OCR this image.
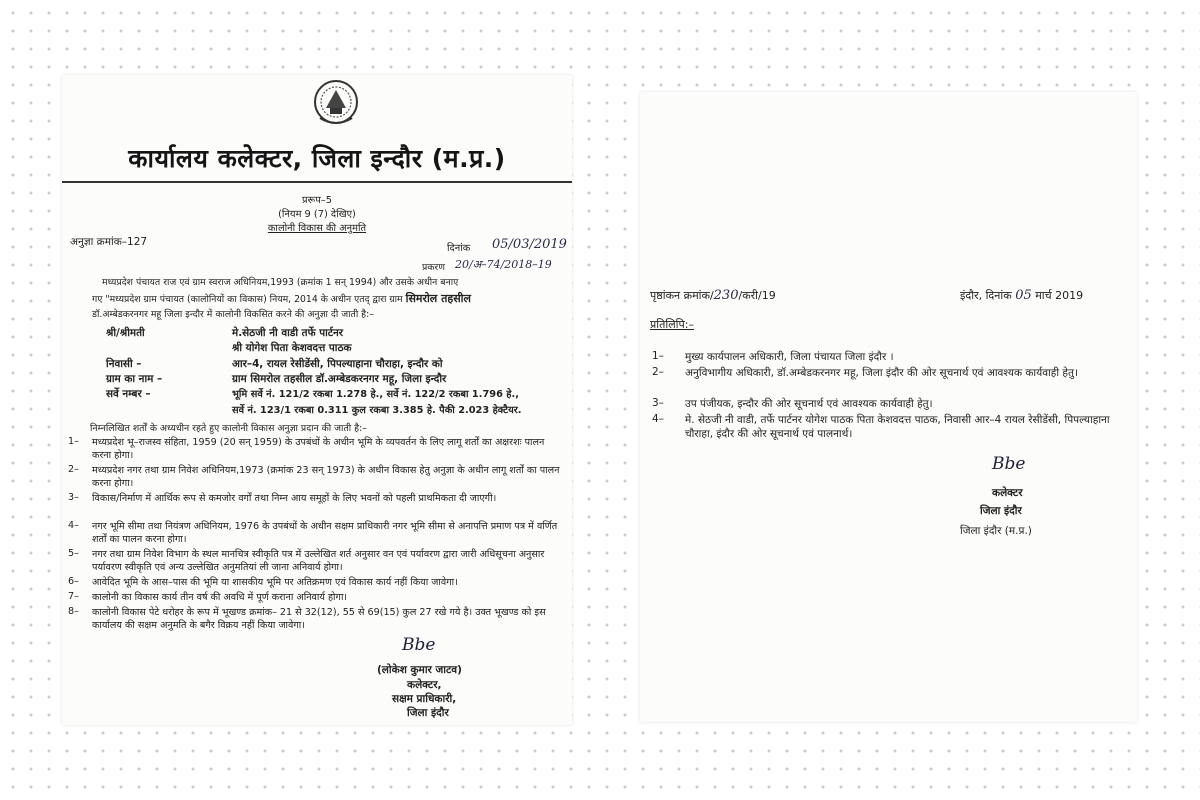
कार्यालय कलेक्टर, जिला इन्दौर (म.प्र.)
प्ररूप–5
(नियम 9 (7) देखिए)
कालोनी विकास की अनुमति
अनुज्ञा क्रमांक–127
दिनांक 05/03/2019
प्रकरण 20/अ–74/2018–19
मध्यप्रदेश पंचायत राज एवं ग्राम स्वराज अधिनियम,1993 (क्रमांक 1 सन् 1994) और उसके अधीन बनाए
गए "मध्यप्रदेश ग्राम पंचायत (कालोनियों का विकास) नियम, 2014 के अधीन एतद् द्वारा ग्राम सिमरोल तहसील
डॉ.अम्बेडकरनगर महू जिला इन्दौर में कालोनी विकसित करने की अनुज्ञा दी जाती है:–
श्री/श्रीमती	मे.सेठजी नी वाडी तर्फे पार्टनर
श्री योगेश पिता केशवदत्त पाठक
निवासी –	आर–4, रायल रेसीडेंसी, पिपल्याहाना चौराहा, इन्दौर को
ग्राम का नाम –	ग्राम सिमरोल तहसील डॉ.अम्बेडकरनगर महू, जिला इन्दौर
सर्वे नम्बर –	भूमि सर्वे नं. 121/2 रकबा 1.278 हे., सर्वे नं. 122/2 रकबा 1.796 हे.,
सर्वे नं. 123/1 रकबा 0.311 कुल रकबा 3.385 हे. पैकी 2.023 हेक्टैयर.
निम्नलिखित शर्तों के अध्यधीन रहते हुए कालोनी विकास अनुज्ञा प्रदान की जाती है:–
1– मध्यप्रदेश भू–राजस्व संहिता, 1959 (20 सन् 1959) के उपबंधों के अधीन भूमि के व्यपवर्तन के लिए लागू शर्तों का अक्षरशः पालन करना होगा।
2– मध्यप्रदेश नगर तथा ग्राम निवेश अधिनियम,1973 (क्रमांक 23 सन् 1973) के अधीन विकास हेतु अनुज्ञा के अधीन लागू शर्तों का पालन करना होगा।
3– विकास/निर्माण में आर्थिक रूप से कमजोर वर्गों तथा निम्न आय समूहों के लिए भवनों को पहली प्राथमिकता दी जाएगी।
4– नगर भूमि सीमा तथा नियंत्रण अधिनियम, 1976 के उपबंधों के अधीन सक्षम प्राधिकारी नगर भूमि सीमा से अनापत्ति प्रमाण पत्र में वर्णित शर्तों का पालन करना होगा।
5– नगर तथा ग्राम निवेश विभाग के स्थल मानचित्र स्वीकृति पत्र में उल्लेखित शर्त अनुसार वन एवं पर्यावरण द्वारा जारी अधिसूचना अनुसार पर्यावरण स्वीकृति एवं अन्य उल्लेखित अनुमतियां ली जाना अनिवार्य होगा।
6– आवेदित भूमि के आस–पास की भूमि या शासकीय भूमि पर अतिक्रमण एवं विकास कार्य नहीं किया जावेगा।
7– कालोनी का विकास कार्य तीन वर्ष की अवधि में पूर्ण कराना अनिवार्य होगा।
8– कालोनी विकास पेटे धरोहर के रूप में भूखण्ड क्रमांक– 21 से 32(12), 55 से 69(15) कुल 27 रखे गये है। उक्त भूखण्ड को इस कार्यालय की सक्षम अनुमति के बगैर विक्रय नहीं किया जावेगा।
Bbe
(लोकेश कुमार जाटव)
कलेक्टर,
सक्षम प्राधिकारी,
जिला इंदौर
पृष्ठांकन क्रमांक/230/करी/19	इंदौर, दिनांक 05 मार्च 2019
प्रतिलिपि:–
1– मुख्य कार्यपालन अधिकारी, जिला पंचायत जिला इंदौर ।
2– अनुविभागीय अधिकारी, डॉ.अम्बेडकरनगर महू, जिला इंदौर की ओर सूचनार्थ एवं आवश्यक कार्यवाही हेतु।
3– उप पंजीयक, इन्दौर की ओर सूचनार्थ एवं आवश्यक कार्यवाही हेतु।
4– मे. सेठजी नी वाडी, तर्फे पार्टनर योगेश पाठक पिता केशवदत्त पाठक, निवासी आर–4 रायल रेसीडेंसी, पिपल्याहाना चौराहा, इंदौर की ओर सूचनार्थ एवं पालनार्थ।
Bbe
कलेक्टर
जिला इंदौर
जिला इंदौर (म.प्र.)
